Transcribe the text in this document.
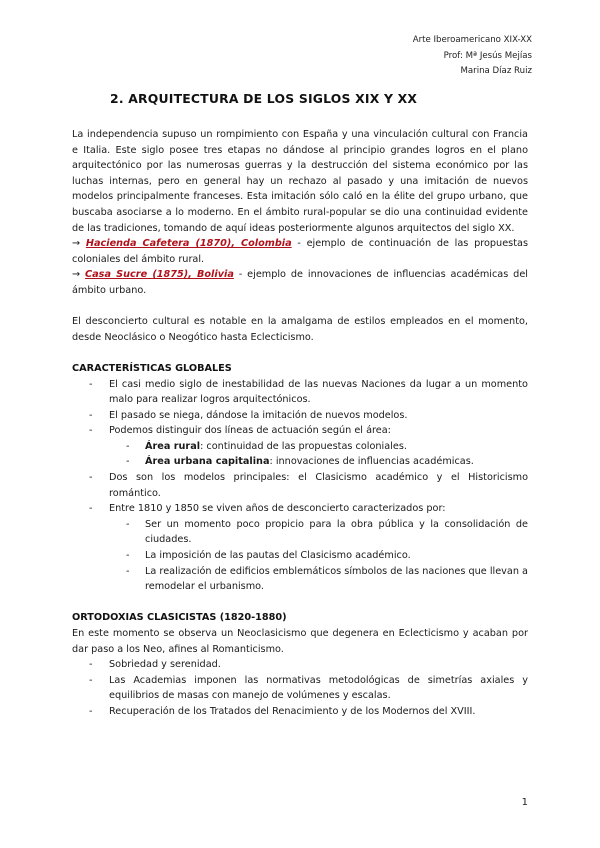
Arte Iberoamericano XIX-XX
Prof: Mª Jesús Mejías
Marina Díaz Ruiz
2. ARQUITECTURA DE LOS SIGLOS XIX Y XX

La independencia supuso un rompimiento con España y una vinculación cultural con Francia e Italia. Este siglo posee tres etapas no dándose al principio grandes logros en el plano arquitectónico por las numerosas guerras y la destrucción del sistema económico por las luchas internas, pero en general hay un rechazo al pasado y una imitación de nuevos modelos principalmente franceses. Esta imitación sólo caló en la élite del grupo urbano, que buscaba asociarse a lo moderno. En el ámbito rural-popular se dio una continuidad evidente de las tradiciones, tomando de aquí ideas posteriormente algunos arquitectos del siglo XX.

→ Hacienda Cafetera (1870), Colombia - ejemplo de continuación de las propuestas coloniales del ámbito rural.

→ Casa Sucre (1875), Bolivia - ejemplo de innovaciones de influencias académicas del ámbito urbano.

El desconcierto cultural es notable en la amalgama de estilos empleados en el momento, desde Neoclásico o Neogótico hasta Eclecticismo.

CARACTERÍSTICAS GLOBALES

- El casi medio siglo de inestabilidad de las nuevas Naciones da lugar a un momento malo para realizar logros arquitectónicos.
- El pasado se niega, dándose la imitación de nuevos modelos.
- Podemos distinguir dos líneas de actuación según el área:
- Área rural: continuidad de las propuestas coloniales.
- Área urbana capitalina: innovaciones de influencias académicas.
- Dos son los modelos principales: el Clasicismo académico y el Historicismo romántico.
- Entre 1810 y 1850 se viven años de desconcierto caracterizados por:
- Ser un momento poco propicio para la obra pública y la consolidación de ciudades.
- La imposición de las pautas del Clasicismo académico.
- La realización de edificios emblemáticos símbolos de las naciones que llevan a remodelar el urbanismo.

ORTODOXIAS CLASICISTAS (1820-1880)

En este momento se observa un Neoclasicismo que degenera en Eclecticismo y acaban por dar paso a los Neo, afines al Romanticismo.

- Sobriedad y serenidad.
- Las Academias imponen las normativas metodológicas de simetrías axiales y equilibrios de masas con manejo de volúmenes y escalas.
- Recuperación de los Tratados del Renacimiento y de los Modernos del XVIII.
1
